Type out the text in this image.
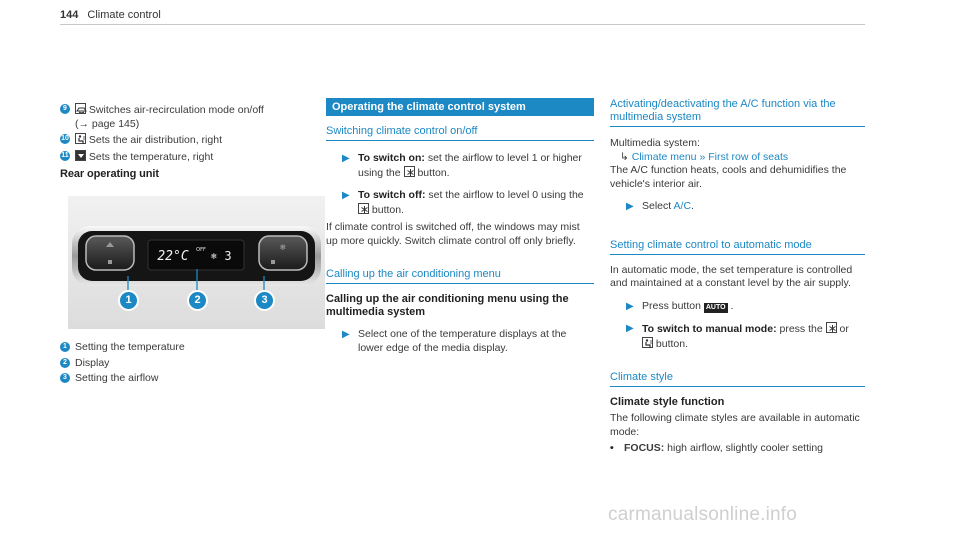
144 Climate control
9	Switches air-recirculation mode on/off
(→ page 145)
10	Sets the air distribution, right
11	Sets the temperature, right
Rear operating unit
❄
22°C OFF
❄ 3
1	2	3
1 Setting the temperature
2 Display
3 Setting the airflow
Operating the climate control system
Switching climate control on/off
▶ To switch on: set the airflow to level 1 or higher using the button.
▶ To switch off: set the airflow to level 0 using the
button.

If climate control is switched off, the windows may mist up more quickly. Switch climate control off only briefly.

Calling up the air conditioning menu
Calling up the air conditioning menu using the multimedia system
▶ Select one of the temperature displays at the lower edge of the media display.
Activating/deactivating the A/C function via the multimedia system

Multimedia system:

↳ Climate menu » First row of seats

The A/C function heats, cools and dehumidifies the vehicle's interior air.

▶ Select A/C.
Setting climate control to automatic mode

In automatic mode, the set temperature is controlled and maintained at a constant level by the air supply.

▶ Press button AUTO .
▶ To switch to manual mode: press the or

button.
Climate style
Climate style function

The following climate styles are available in automatic mode:

• FOCUS: high airflow, slightly cooler setting
carmanualsonline.info
